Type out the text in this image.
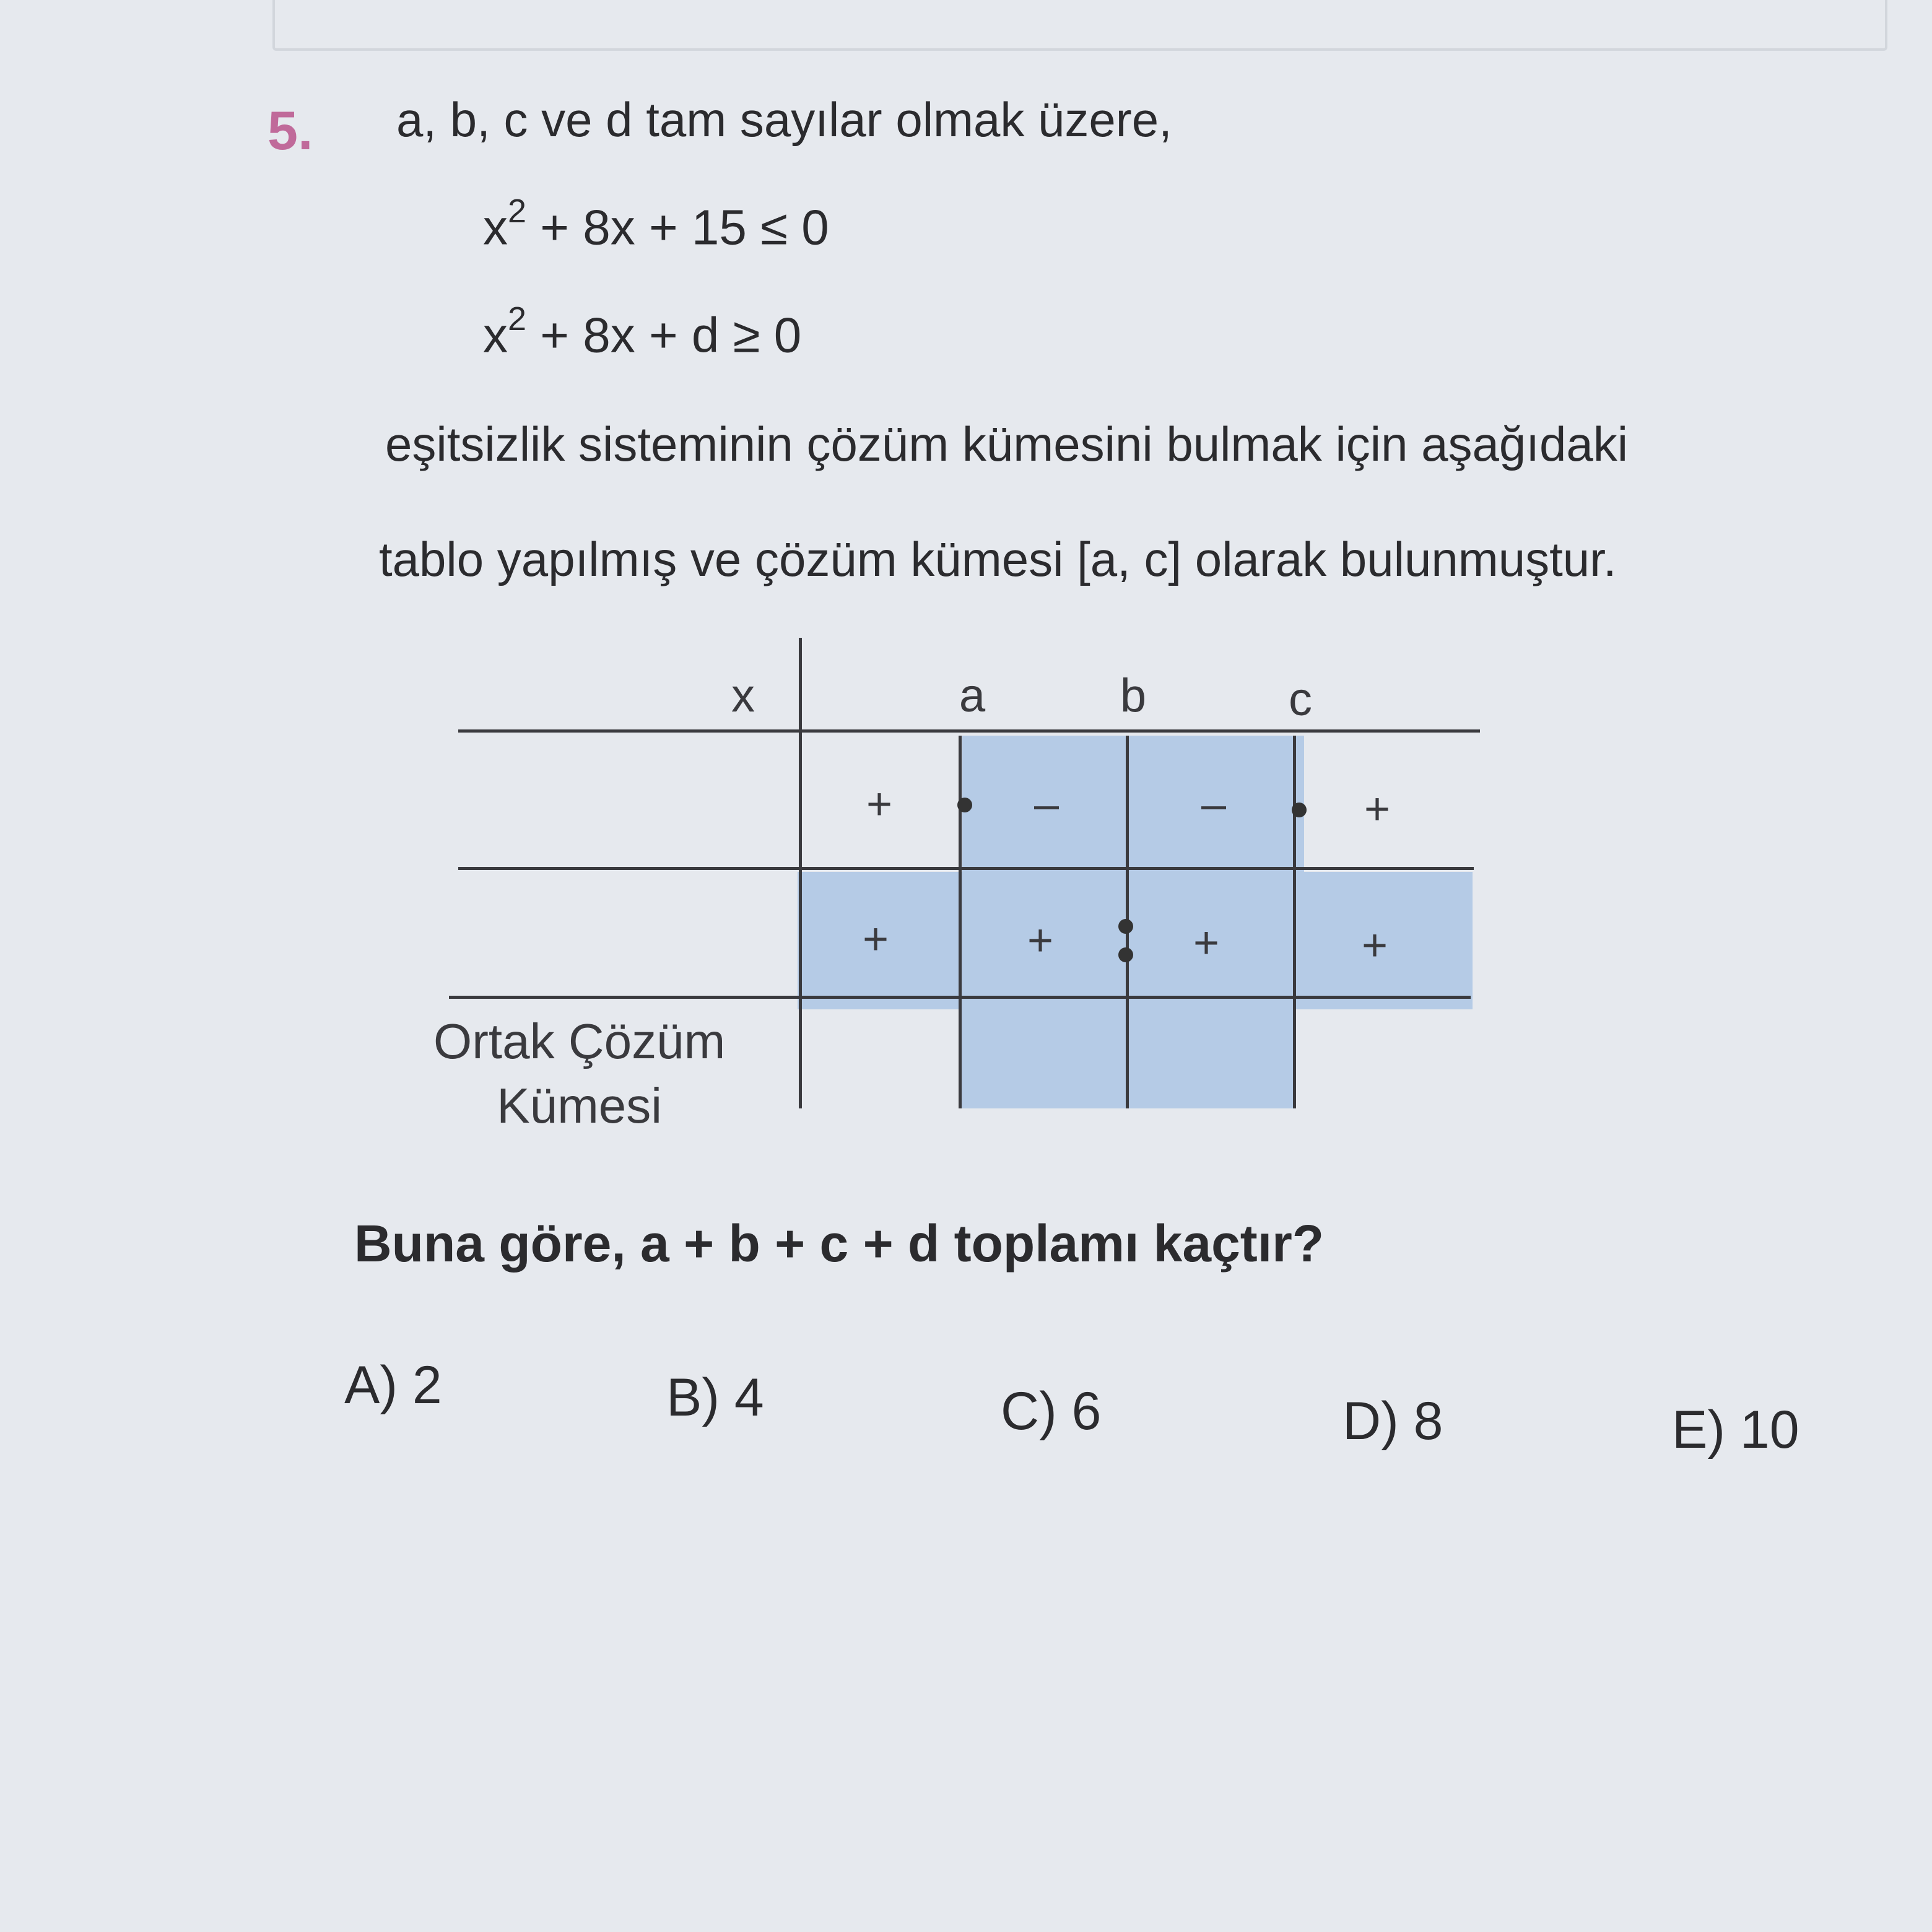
5. a, b, c ve d tam sayılar olmak üzere,
$x^2 + 8x + 15 \le 0$
$x^2 + 8x + d \ge 0$
eşitsizlik sisteminin çözüm kümesini bulmak için aşağıdaki
tablo yapılmış ve çözüm kümesi [a, c] olarak bulunmuştur.
x	a	b	c
+	–	–	+
+	+	+	+
Ortak Çözüm
Kümesi
Buna göre, a + b + c + d toplamı kaçtır?
A) 2	B) 4	C) 6	D) 8	E) 10
